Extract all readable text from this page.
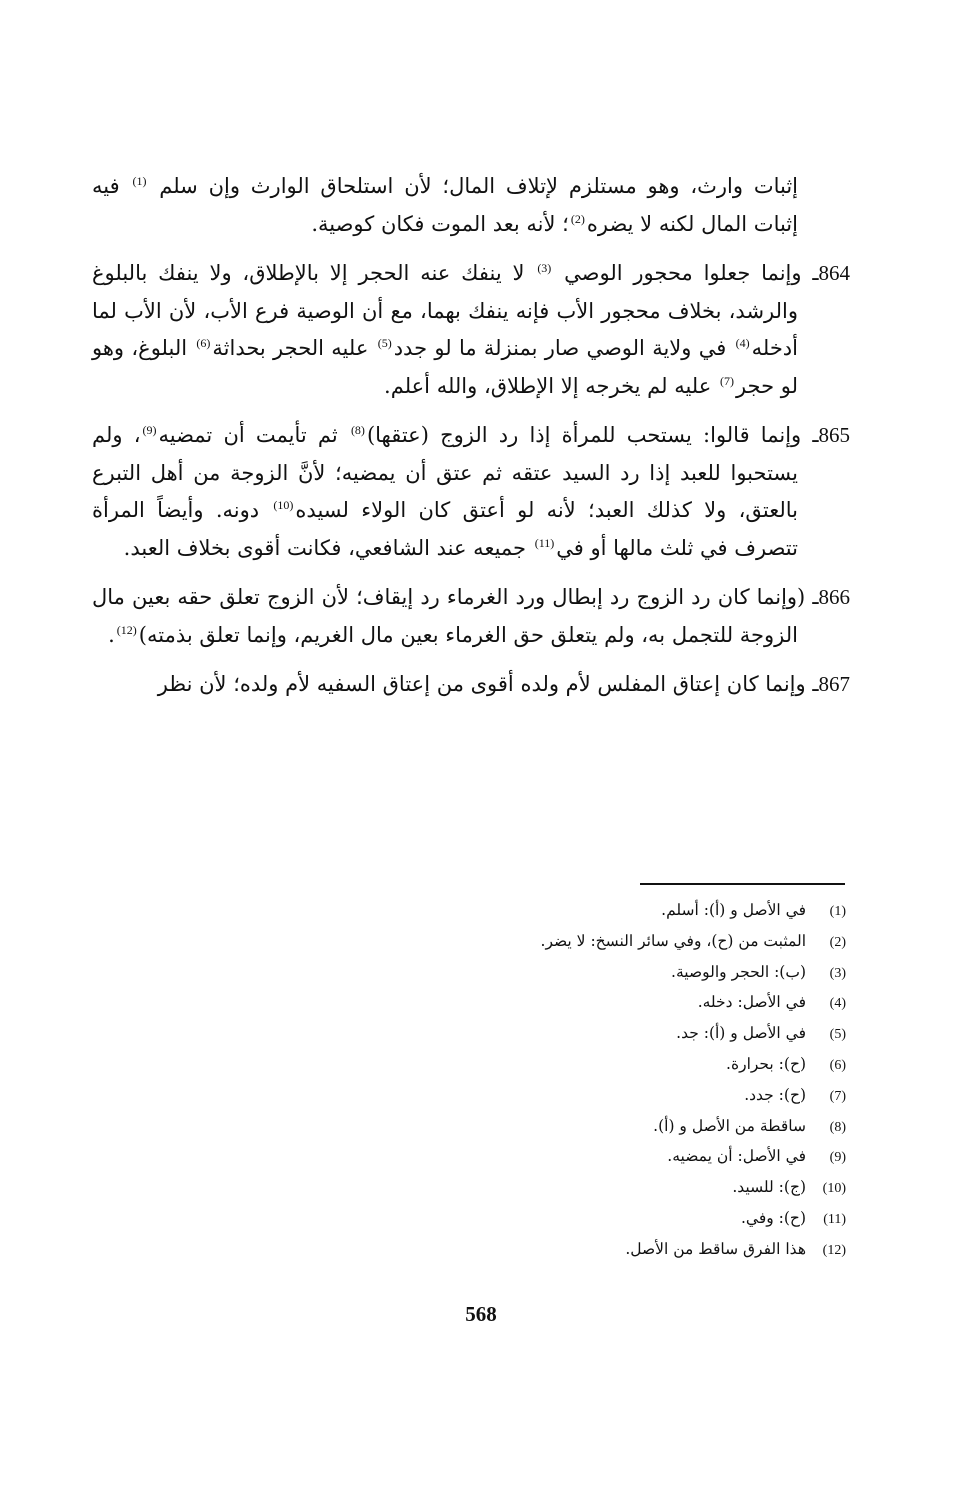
إثبات وارث، وهو مستلزم لإتلاف المال؛ لأن استلحاق الوارث وإن سلم $^{(1)}$ فيه إثبات المال لكنه لا يضره$^{(2)}$؛ لأنه بعد الموت فكان كوصية.

864ـ وإنما جعلوا محجور الوصي $^{(3)}$ لا ينفك عنه الحجر إلا بالإطلاق، ولا ينفك بالبلوغ والرشد، بخلاف محجور الأب فإنه ينفك بهما، مع أن الوصية فرع الأب، لأن الأب لما أدخله$^{(4)}$ في ولاية الوصي صار بمنزلة ما لو جدد$^{(5)}$ عليه الحجر بحداثة$^{(6)}$ البلوغ، وهو لو حجر$^{(7)}$ عليه لم يخرجه إلا الإطلاق، والله أعلم.

865ـ وإنما قالوا: يستحب للمرأة إذا رد الزوج (عتقها)$^{(8)}$ ثم تأيمت أن تمضيه$^{(9)}$، ولم يستحبوا للعبد إذا رد السيد عتقه ثم عتق أن يمضيه؛ لأنَّ الزوجة من أهل التبرع بالعتق، ولا كذلك العبد؛ لأنه لو أعتق كان الولاء لسيده$^{(10)}$ دونه. وأيضاً المرأة تتصرف في ثلث مالها أو في$^{(11)}$ جميعه عند الشافعي، فكانت أقوى بخلاف العبد.

866ـ (وإنما كان رد الزوج رد إبطال ورد الغرماء رد إيقاف؛ لأن الزوج تعلق حقه بعين مال الزوجة للتجمل به، ولم يتعلق حق الغرماء بعين مال الغريم، وإنما تعلق بذمته)$^{(12)}$.

867ـ وإنما كان إعتاق المفلس لأم ولده أقوى من إعتاق السفيه لأم ولده؛ لأن نظر

(1)في الأصل و (أ): أسلم.
(2)المثبت من (ح)، وفي سائر النسخ: لا يضر.
(3)(ب): الحجر والوصية.
(4)في الأصل: دخله.
(5)في الأصل و (أ): جد.
(6)(ح): بحرارة.
(7)(ح): جدد.
(8)ساقطة من الأصل و (أ).
(9)في الأصل: أن يمضيه.
(10)(ج): للسيد.
(11)(ح): وفي.
(12)هذا الفرق ساقط من الأصل.
568
